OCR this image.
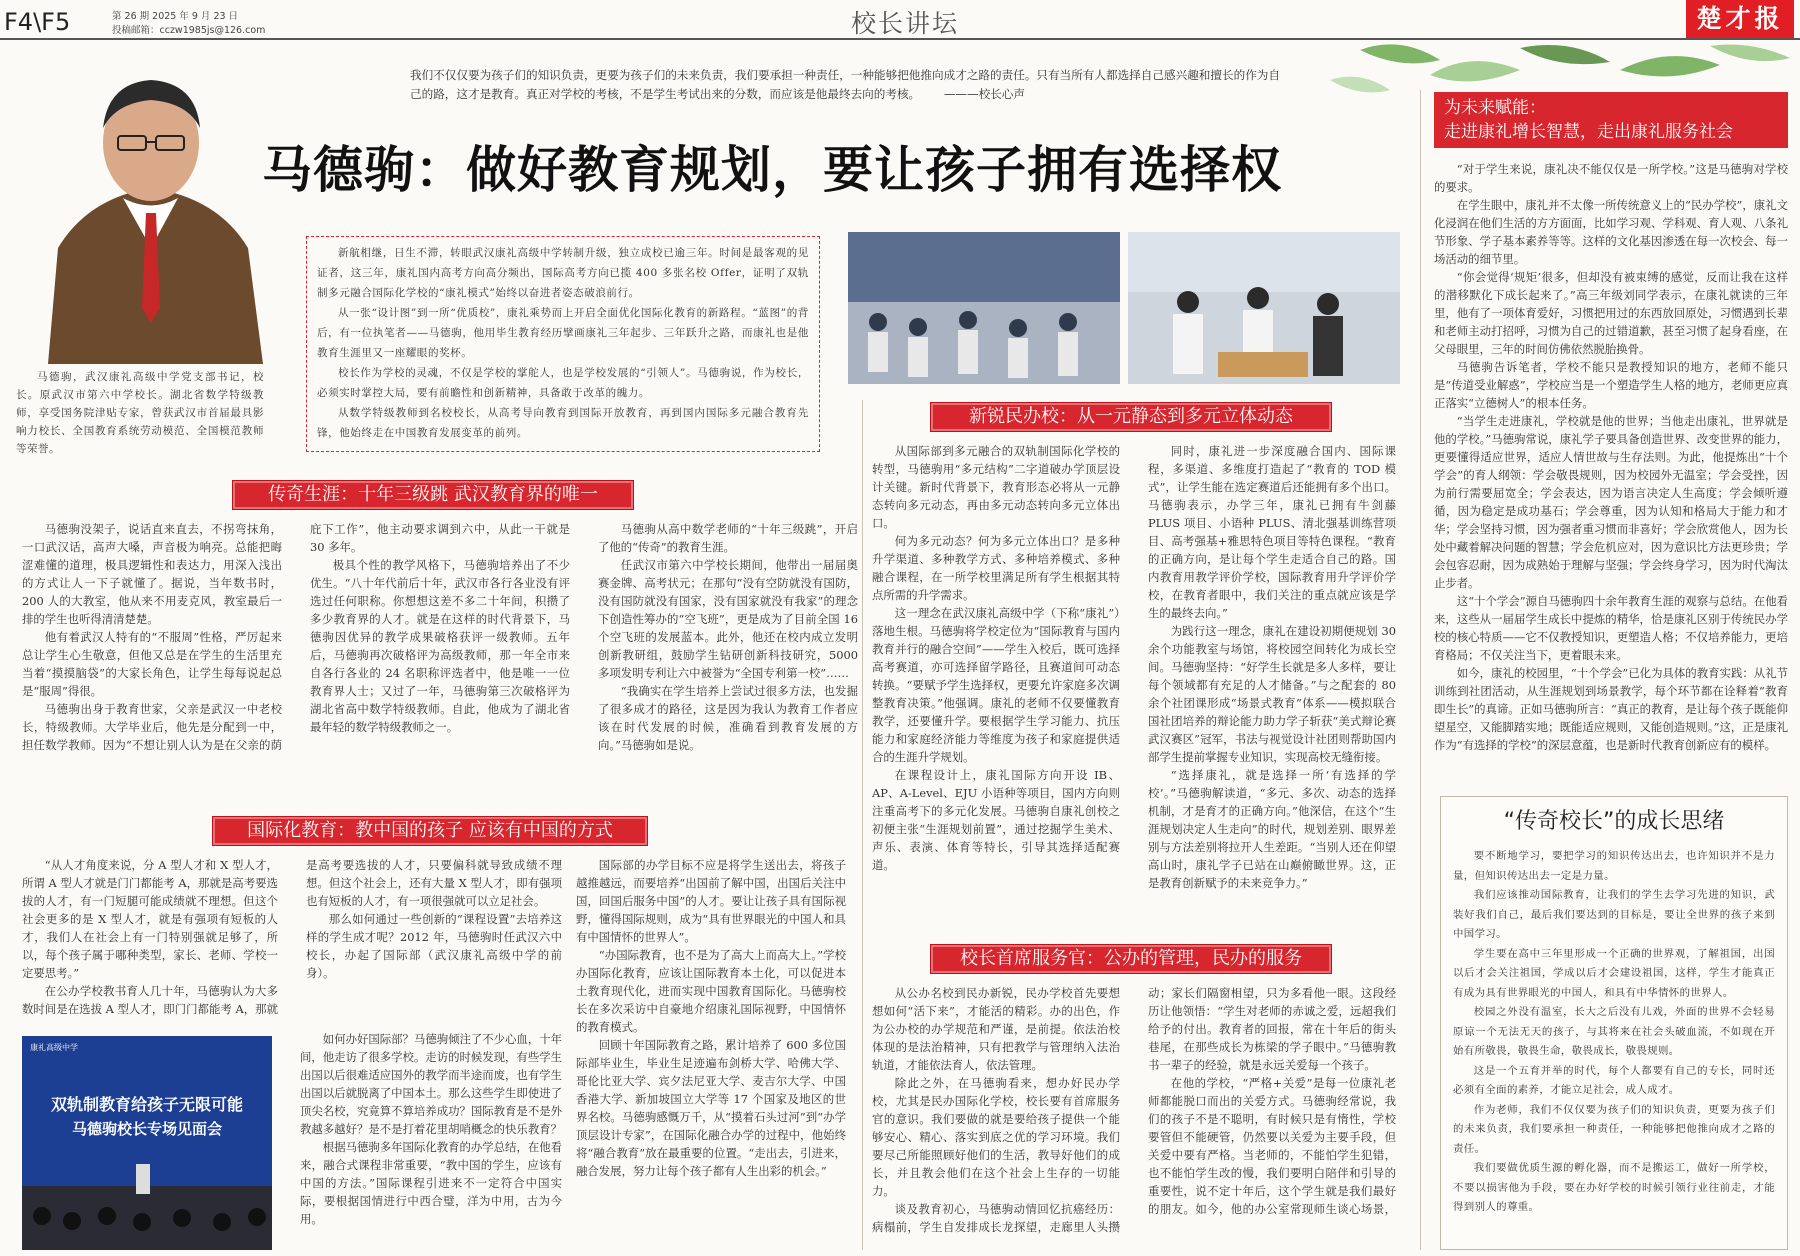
F4\F5	第 26 期 2025 年 9 月 23 日
投稿邮箱：cczw1985js@126.com	校长讲坛	楚才报
马德驹，武汉康礼高级中学党支部书记，校长。原武汉市第六中学校长。湖北省数学特级教师，享受国务院津贴专家，曾获武汉市首届最具影响力校长、全国教育系统劳动模范、全国模范教师等荣誉。
我们不仅仅要为孩子们的知识负责，更要为孩子们的未来负责，我们要承担一种责任，一种能够把他推向成才之路的责任。只有当所有人都选择自己感兴趣和擅长的作为自己的路，这才是教育。真正对学校的考核，不是学生考试出来的分数，而应该是他最终去向的考核。 ———校长心声
马德驹：做好教育规划，要让孩子拥有选择权

新航相继，日生不滞，转眼武汉康礼高级中学转制升级，独立成校已逾三年。时间是最客观的见证者，这三年，康礼国内高考方向高分频出，国际高考方向已揽 400 多张名校 Offer，证明了双轨制多元融合国际化学校的“康礼模式”始终以奋进者姿态破浪前行。

从一张“设计图”到一所“优质校”，康礼乘势而上开启全面优化国际化教育的新路程。“蓝图”的背后，有一位执笔者——马德驹，他用毕生教育经历擘画康礼三年起步、三年跃升之路，而康礼也是他教育生涯里又一座耀眼的奖杯。

校长作为学校的灵魂，不仅是学校的掌舵人，也是学校发展的“引领人”。马德驹说，作为校长，必须实时掌控大局，要有前瞻性和创新精神，具备敢于改革的魄力。

从数学特级教师到名校校长，从高考导向教育到国际开放教育，再到国内国际多元融合教育先锋，他始终走在中国教育发展变革的前列。

传奇生涯：十年三级跳 武汉教育界的唯一

马德驹没架子，说话直来直去，不拐弯抹角，一口武汉话，高声大嗓，声音极为响亮。总能把晦涩难懂的道理，极具逻辑性和表达力，用深入浅出的方式让人一下子就懂了。据说，当年数书时，200 人的大教室，他从来不用麦克风，教室最后一排的学生也听得清清楚楚。

他有着武汉人特有的“不服周”性格，严厉起来总让学生心生敬意，但他又总是在学生的生活里充当着“摸摸脑袋”的大家长角色，让学生每每说起总是“服周”得很。

马德驹出身于教育世家，父亲是武汉一中老校长，特级教师。大学毕业后，他先是分配到一中，担任数学教师。因为“不想让别人认为是在父亲的荫庇下工作”，他主动要求调到六中，从此一干就是 30 多年。

极具个性的教学风格下，马德驹培养出了不少优生。“八十年代前后十年，武汉市各行各业没有评选过任何职称。你想想这差不多二十年间，积攒了多少教育界的人才。就是在这样的时代背景下，马德驹因优异的教学成果破格获评一级教师。五年后，马德驹再次破格评为高级教师，那一年全市来自各行各业的 24 名职称评选者中，他是唯一一位教育界人士；又过了一年，马德驹第三次破格评为湖北省高中数学特级教师。自此，他成为了湖北省最年轻的数学特级教师之一。

马德驹从高中数学老师的“十年三级跳”，开启了他的“传奇”的教育生涯。

任武汉市第六中学校长期间，他带出一届届奥赛金牌、高考状元；在那句“没有空防就没有国防，没有国防就没有国家，没有国家就没有我家”的理念下创造性筹办的“空飞班”，更是成为了目前全国 16 个空飞班的发展蓝本。此外，他还在校内成立发明创新教研组，鼓励学生钻研创新科技研究，5000 多项发明专利让六中被誉为“全国专利第一校”……

“我确实在学生培养上尝试过很多方法，也发掘了很多成才的路径，这是因为我认为教育工作者应该在时代发展的时候，准确看到教育发展的方向。”马德驹如是说。

国际化教育：教中国的孩子 应该有中国的方式

“从人才角度来说，分 A 型人才和 X 型人才，所谓 A 型人才就是门门都能考 A，那就是高考要选拔的人才，有一门短腿可能成绩就不理想。但这个社会更多的是 X 型人才，就是有强项有短板的人才，我们人在社会上有一门特别强就足够了，所以，每个孩子属于哪种类型，家长、老师、学校一定要思考。”

在公办学校教书育人几十年，马德驹认为大多数时间是在选拔 A 型人才，即门门都能考 A，那就是高考要选拔的人才，只要偏科就导致成绩不理想。但这个社会上，还有大量 X 型人才，即有强项也有短板的人才，有一项很强就可以立足社会。

那么如何通过一些创新的“课程设置”去培养这样的学生成才呢？2012 年，马德驹时任武汉六中校长，办起了国际部（武汉康礼高级中学的前身）。

如何办好国际部？马德驹倾注了不少心血，十年间，他走访了很多学校。走访的时候发现，有些学生出国以后很难适应国外的教学而半途而废，也有学生出国以后就脱离了中国本土。那么这些学生即使进了顶尖名校，究竟算不算培养成功？国际教育是不是外教越多越好？是不是打着花里胡哨概念的快乐教育？

根据马德驹多年国际化教育的办学总结，在他看来，融合式课程非常重要，“教中国的学生，应该有中国的方法。”国际课程引进来不一定符合中国实际，要根据国情进行中西合璧，洋为中用，古为今用。

国际部的办学目标不应是将学生送出去，将孩子越推越远，而要培养“出国前了解中国，出国后关注中国，回国后服务中国”的人才。要让让孩子具有国际视野，懂得国际规则，成为“具有世界眼光的中国人和具有中国情怀的世界人”。

“办国际教育，也不是为了高大上而高大上。”学校办国际化教育，应该让国际教育本土化，可以促进本土教育现代化，进而实现中国教育国际化。马德驹校长在多次采访中自豪地介绍康礼国际视野，中国情怀的教育模式。

回顾十年国际教育之路，累计培养了 600 多位国际部毕业生，毕业生足迹遍布剑桥大学、哈佛大学、哥伦比亚大学、宾夕法尼亚大学、麦吉尔大学、中国香港大学、新加坡国立大学等 17 个国家及地区的世界名校。马德驹感慨万千，从“摸着石头过河”到“办学顶层设计专家”，在国际化融合办学的过程中，他始终将“融合教育”放在最重要的位置。“走出去，引进来，融合发展，努力让每个孩子都有人生出彩的机会。”

康礼高级中学
双轨制教育给孩子无限可能
马德驹校长专场见面会
新锐民办校：从一元静态到多元立体动态

从国际部到多元融合的双轨制国际化学校的转型，马德驹用“多元结构”二字道破办学顶层设计关键。新时代背景下，教育形态必将从一元静态转向多元动态，再由多元动态转向多元立体出口。

何为多元动态？何为多元立体出口？是多种升学渠道、多种教学方式、多种培养模式、多种融合课程，在一所学校里满足所有学生根据其特点所需的升学需求。

这一理念在武汉康礼高级中学（下称“康礼”）落地生根。马德驹将学校定位为“国际教育与国内教育并行的融合空间”——学生入校后，既可选择高考赛道，亦可选择留学路径，且赛道间可动态转换。“要赋予学生选择权，更要允许家庭多次调整教育决策。”他强调。康礼的老师不仅要懂教育教学，还要懂升学。要根据学生学习能力、抗压能力和家庭经济能力等维度为孩子和家庭提供适合的生涯升学规划。

在课程设计上，康礼国际方向开设 IB、AP、A-Level、EJU 小语种等项目，国内方向则注重高考下的多元化发展。马德驹自康礼创校之初便主张“生涯规划前置”，通过挖掘学生美术、声乐、表演、体育等特长，引导其选择适配赛道。

同时，康礼进一步深度融合国内、国际课程，多渠道、多维度打造起了“教育的 TOD 模式”，让学生能在选定赛道后还能拥有多个出口。马德驹表示，办学三年，康礼已拥有牛剑藤 PLUS 项目、小语种 PLUS、清北强基训练营项目、高考强基+雅思特色项目等特色课程。“教育的正确方向，是让每个学生走适合自己的路。国内教育用教学评价学校，国际教育用升学评价学校，在教育者眼中，我们关注的重点就应该是学生的最终去向。”

为践行这一理念，康礼在建设初期便规划 30 余个功能教室与场馆，将校园空间转化为成长空间。马德驹坚持：“好学生长就是多人多样，要让每个领域都有充足的人才储备。”与之配套的 80 余个社团课形成“场景式教育”体系——模拟联合国社团培养的辩论能力助力学子斩获“美式辩论赛武汉赛区”冠军，书法与视觉设计社团则帮助国内部学生提前掌握专业知识，实现高校无缝衔接。

“选择康礼，就是选择一所‘有选择的学校’。”马德驹解读道，“多元、多次、动态的选择机制，才是育才的正确方向。”他深信，在这个“生涯规划决定人生走向”的时代，规划差别、眼界差别与方法差别将拉开人生差距。“当别人还在仰望高山时，康礼学子已站在山巅俯瞰世界。这，正是教育创新赋予的未来竞争力。”

校长首席服务官：公办的管理，民办的服务

从公办名校到民办新锐，民办学校首先要想想如何“活下来”，才能活的精彩。办的出色，作为公办校的办学规范和严谨，是前提。依法治校体现的是法治精神，只有把教学与管理纳入法治轨道，才能依法育人，依法管理。

除此之外，在马德驹看来，想办好民办学校，尤其是民办国际化学校，校长要有首席服务官的意识。我们要做的就是要给孩子提供一个能够安心、精心、落实到底之优的学习环境。我们要尽己所能照顾好他们的生活，教导好他们的成长，并且教会他们在这个社会上生存的一切能力。

谈及教育初心，马德驹动情回忆抗癌经历：病榻前，学生自发排成长龙探望，走廊里人头攒动；家长们隔窗相望，只为多看他一眼。这段经历让他领悟：“学生对老师的赤诚之爱，远超我们给予的付出。教育者的回报，常在十年后的街头巷尾，在那些成长为栋梁的学子眼中。”马德驹教书一辈子的经验，就是永远关爱每一个孩子。

在他的学校，“严格+关爱”是每一位康礼老师都能脱口而出的关爱方式。马德驹经常说，我们的孩子不是不聪明，有时候只是有惰性，学校要管但不能硬管，仍然要以关爱为主要手段，但关爱中要有严格。当老师的，不能怕学生犯错，也不能怕学生改的慢，我们要明白陪伴和引导的重要性，说不定十年后，这个学生就是我们最好的朋友。如今，他的办公室常现师生谈心场景，

为未来赋能：
走进康礼增长智慧，走出康礼服务社会

“对于学生来说，康礼决不能仅仅是一所学校。”这是马德驹对学校的要求。

在学生眼中，康礼并不太像一所传统意义上的“民办学校”，康礼文化浸润在他们生活的方方面面，比如学习观、学科观、育人观、八条礼节形象、学子基本素养等等。这样的文化基因渗透在每一次校会、每一场活动的细节里。

“你会觉得‘规矩’很多，但却没有被束缚的感觉，反而让我在这样的潜移默化下成长起来了。”高三年级刘同学表示，在康礼就读的三年里，他有了一项体育爱好，习惯把用过的东西放回原处，习惯遇到长辈和老师主动打招呼，习惯为自己的过错道歉，甚至习惯了起身看座，在父母眼里，三年的时间仿佛依然脱胎换骨。

马德驹告诉笔者，学校不能只是教授知识的地方，老师不能只是“传道受业解惑”，学校应当是一个塑造学生人格的地方，老师更应真正落实“立德树人”的根本任务。

“当学生走进康礼，学校就是他的世界；当他走出康礼，世界就是他的学校。”马德驹常说，康礼学子要具备创造世界、改变世界的能力，更要懂得适应世界，适应人情世故与生存法则。为此，他提炼出“十个学会”的育人纲领：学会敬畏规则，因为校园外无温室；学会受挫，因为前行需要屈宽全；学会表达，因为语言决定人生高度；学会倾听遵循，因为稳定是成功基石；学会尊重，因为认知和格局大于能力和才华；学会坚持习惯，因为强者重习惯而非喜好；学会欣赏他人，因为长处中藏着解决问题的智慧；学会危机应对，因为意识比方法更珍贵；学会包容忍耐，因为成熟始于理解与坚强；学会终身学习，因为时代淘汰止步者。

这“十个学会”源自马德驹四十余年教育生涯的观察与总结。在他看来，这些从一届届学生成长中提炼的精华，恰是康礼区别于传统民办学校的核心特质——它不仅教授知识，更塑造人格；不仅培养能力，更培育格局；不仅关注当下，更着眼未来。

如今，康礼的校园里，“十个学会”已化为具体的教育实践：从礼节训练到社团活动，从生涯规划到场景教学，每个环节都在诠释着“教育即生长”的真谛。正如马德驹所言：“真正的教育，是让每个孩子既能仰望星空，又能脚踏实地；既能适应规则，又能创造规则。”这，正是康礼作为“有选择的学校”的深层意蕴，也是新时代教育创新应有的模样。

“传奇校长”的成长思绪

要不断地学习，要把学习的知识传达出去，也许知识并不是力量，但知识传达出去一定是力量。

我们应该推动国际教育，让我们的学生去学习先进的知识，武装好我们自己，最后我们要达到的目标是，要让全世界的孩子来到中国学习。

学生要在高中三年里形成一个正确的世界观，了解祖国，出国以后才会关注祖国，学成以后才会建设祖国，这样，学生才能真正有成为具有世界眼光的中国人，和具有中华情怀的世界人。

校园之外没有温室，长大之后没有儿戏，外面的世界不会轻易原谅一个无法无天的孩子，与其将来在社会头破血流，不如现在开始有所敬畏，敬畏生命，敬畏成长，敬畏规则。

这是一个五育并举的时代，每个人都要有自己的专长，同时还必须有全面的素养，才能立足社会，成人成才。

作为老师，我们不仅仅要为孩子们的知识负责，更要为孩子们的未来负责，我们要承担一种责任，一种能够把他推向成才之路的责任。

我们要做优质生源的孵化器，而不是搬运工，做好一所学校，不要以损害他为手段，要在办好学校的时候引领行业往前走，才能得到别人的尊重。
